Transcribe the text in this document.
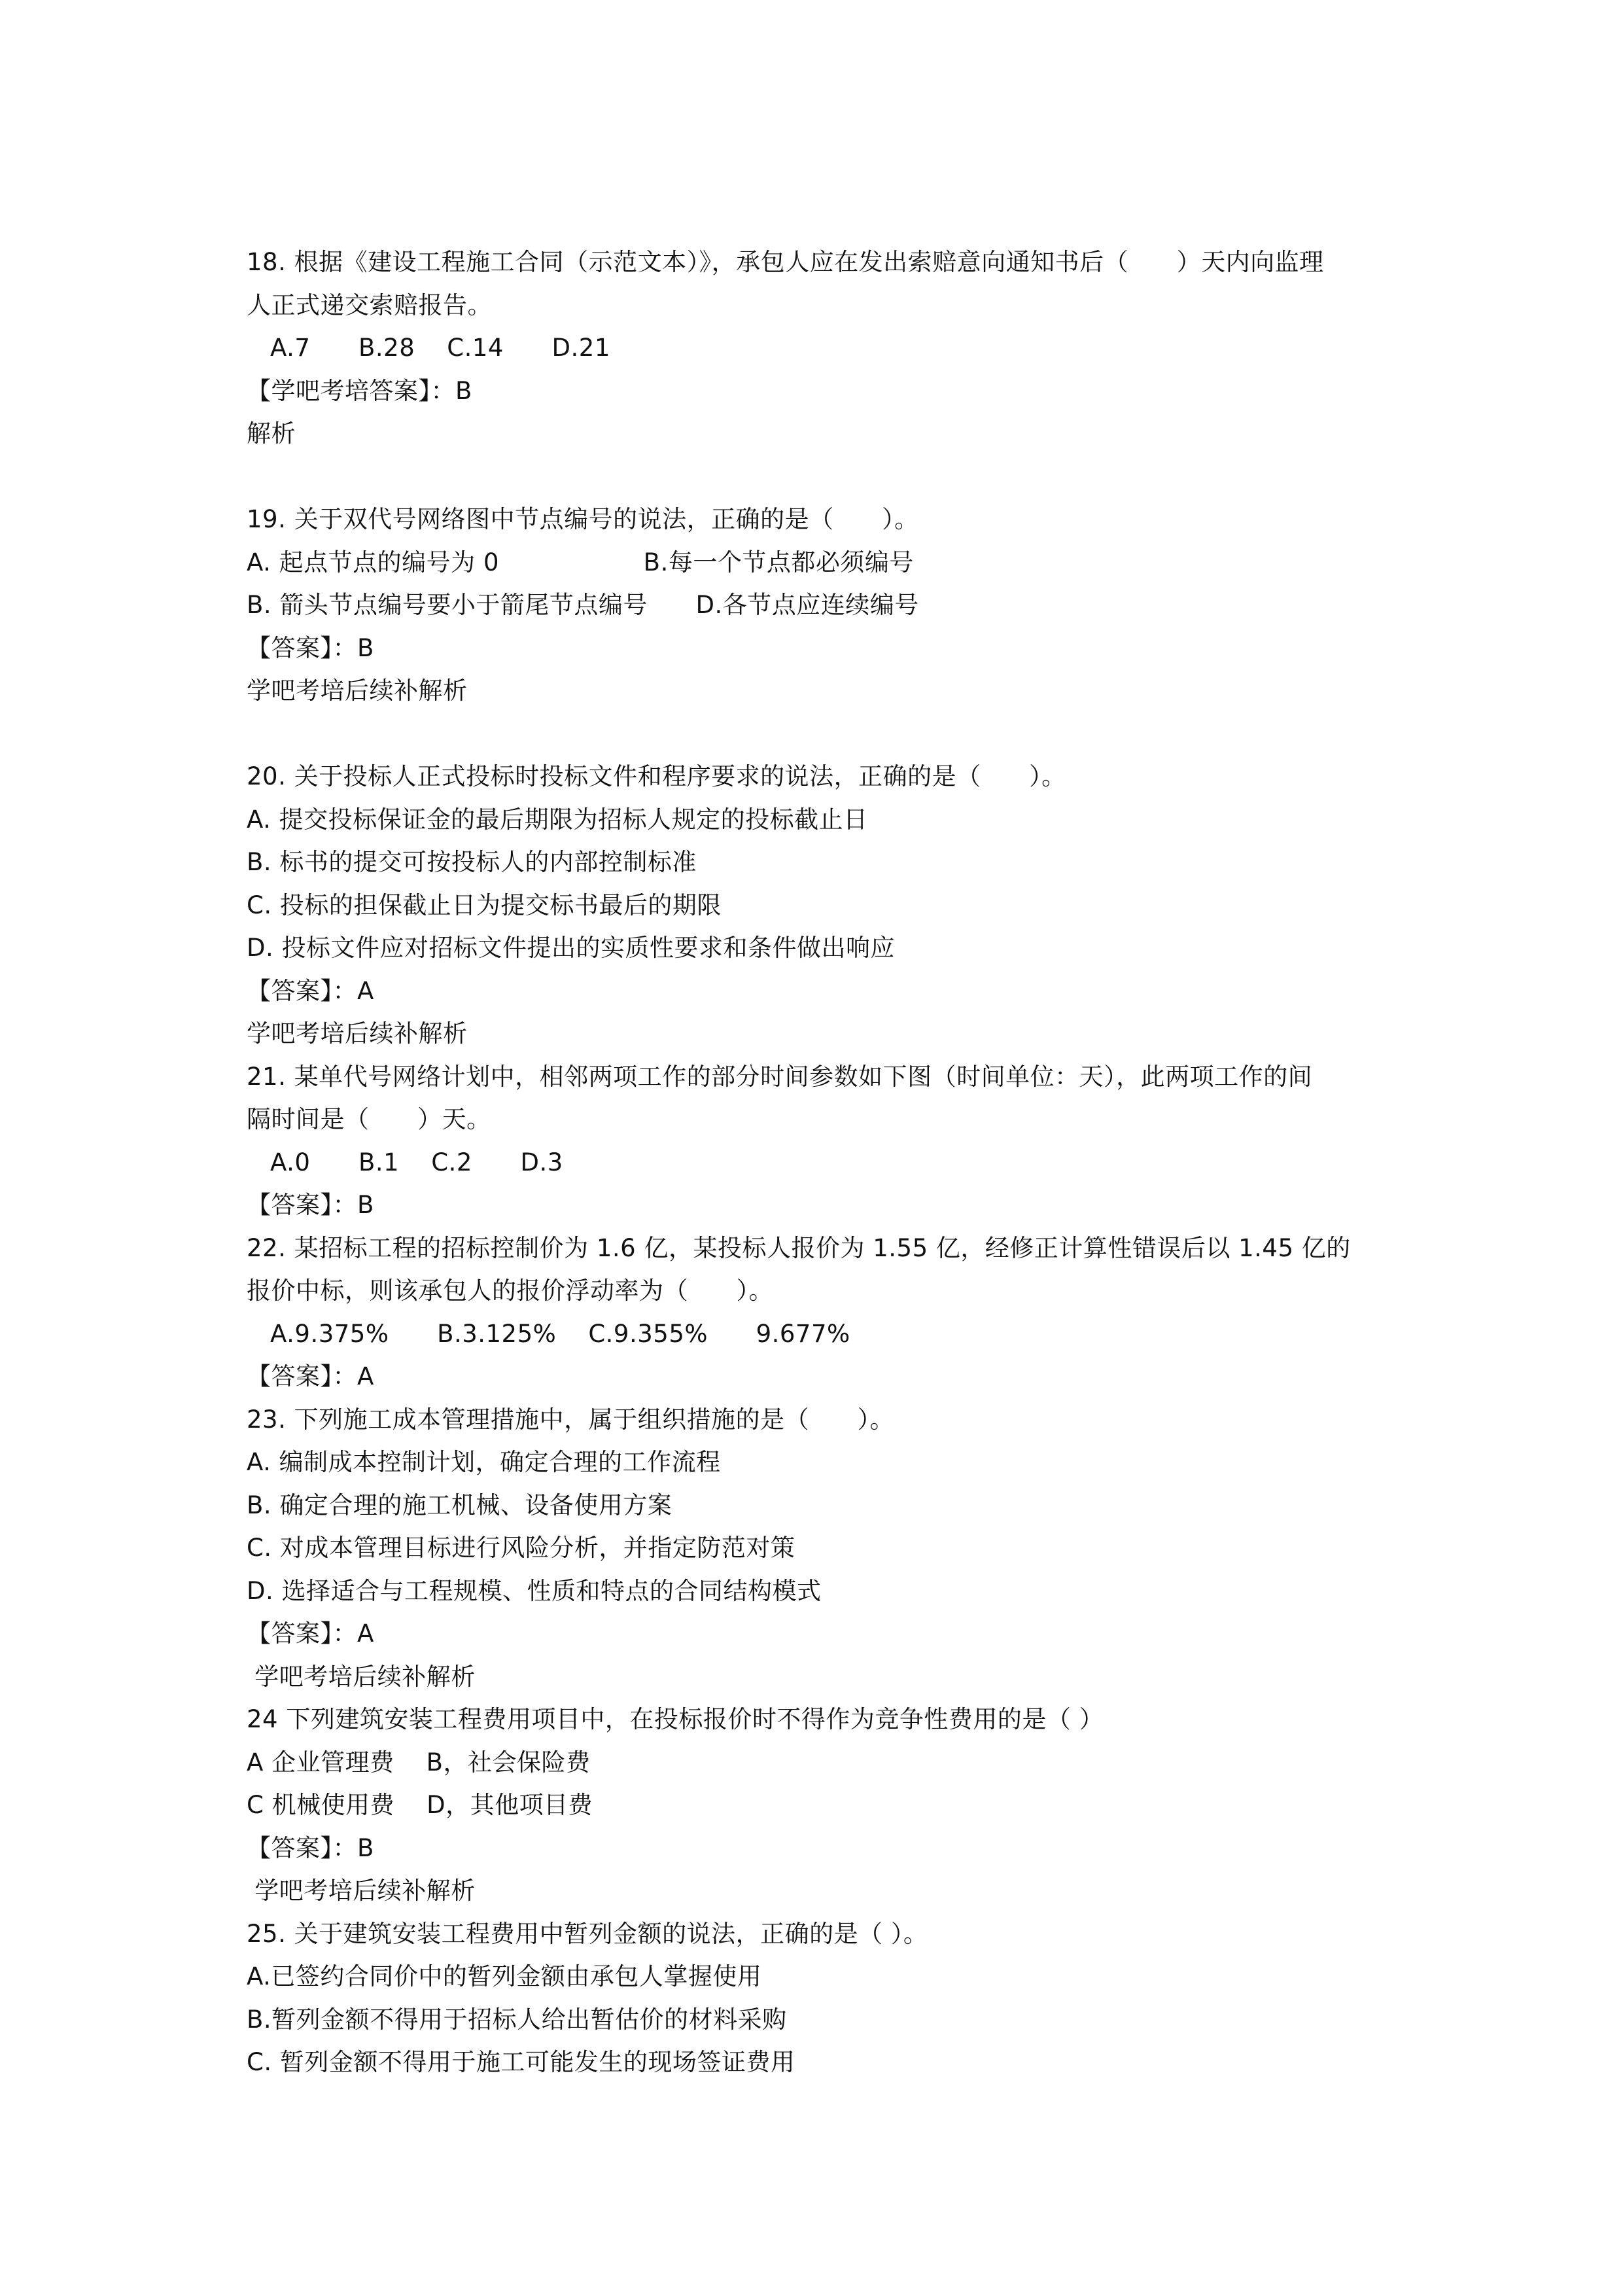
18. 根据《建设工程施工合同（示范文本）》，承包人应在发出索赔意向通知书后（      ）天内向监理
人正式递交索赔报告。
A.7      B.28    C.14      D.21
【学吧考培答案】：B
解析
19. 关于双代号网络图中节点编号的说法，正确的是（      ）。
A. 起点节点的编号为 0                  B.每一个节点都必须编号
B. 箭头节点编号要小于箭尾节点编号      D.各节点应连续编号
【答案】：B
学吧考培后续补解析
20. 关于投标人正式投标时投标文件和程序要求的说法，正确的是（      ）。
A. 提交投标保证金的最后期限为招标人规定的投标截止日
B. 标书的提交可按投标人的内部控制标准
C. 投标的担保截止日为提交标书最后的期限
D. 投标文件应对招标文件提出的实质性要求和条件做出响应
【答案】：A
学吧考培后续补解析
21. 某单代号网络计划中，相邻两项工作的部分时间参数如下图（时间单位：天），此两项工作的间
隔时间是（      ）天。
A.0      B.1    C.2      D.3
【答案】：B
22. 某招标工程的招标控制价为 1.6 亿，某投标人报价为 1.55 亿，经修正计算性错误后以 1.45 亿的
报价中标，则该承包人的报价浮动率为（      ）。
A.9.375%      B.3.125%    C.9.355%      9.677%
【答案】：A
23. 下列施工成本管理措施中，属于组织措施的是（      ）。
A. 编制成本控制计划，确定合理的工作流程
B. 确定合理的施工机械、设备使用方案
C. 对成本管理目标进行风险分析，并指定防范对策
D. 选择适合与工程规模、性质和特点的合同结构模式
【答案】：A
学吧考培后续补解析
24 下列建筑安装工程费用项目中，在投标报价时不得作为竞争性费用的是（ ）
A 企业管理费    B，社会保险费
C 机械使用费    D，其他项目费
【答案】：B
学吧考培后续补解析
25. 关于建筑安装工程费用中暂列金额的说法，正确的是（ ）。
A.已签约合同价中的暂列金额由承包人掌握使用
B.暂列金额不得用于招标人给出暂估价的材料采购
C. 暂列金额不得用于施工可能发生的现场签证费用
